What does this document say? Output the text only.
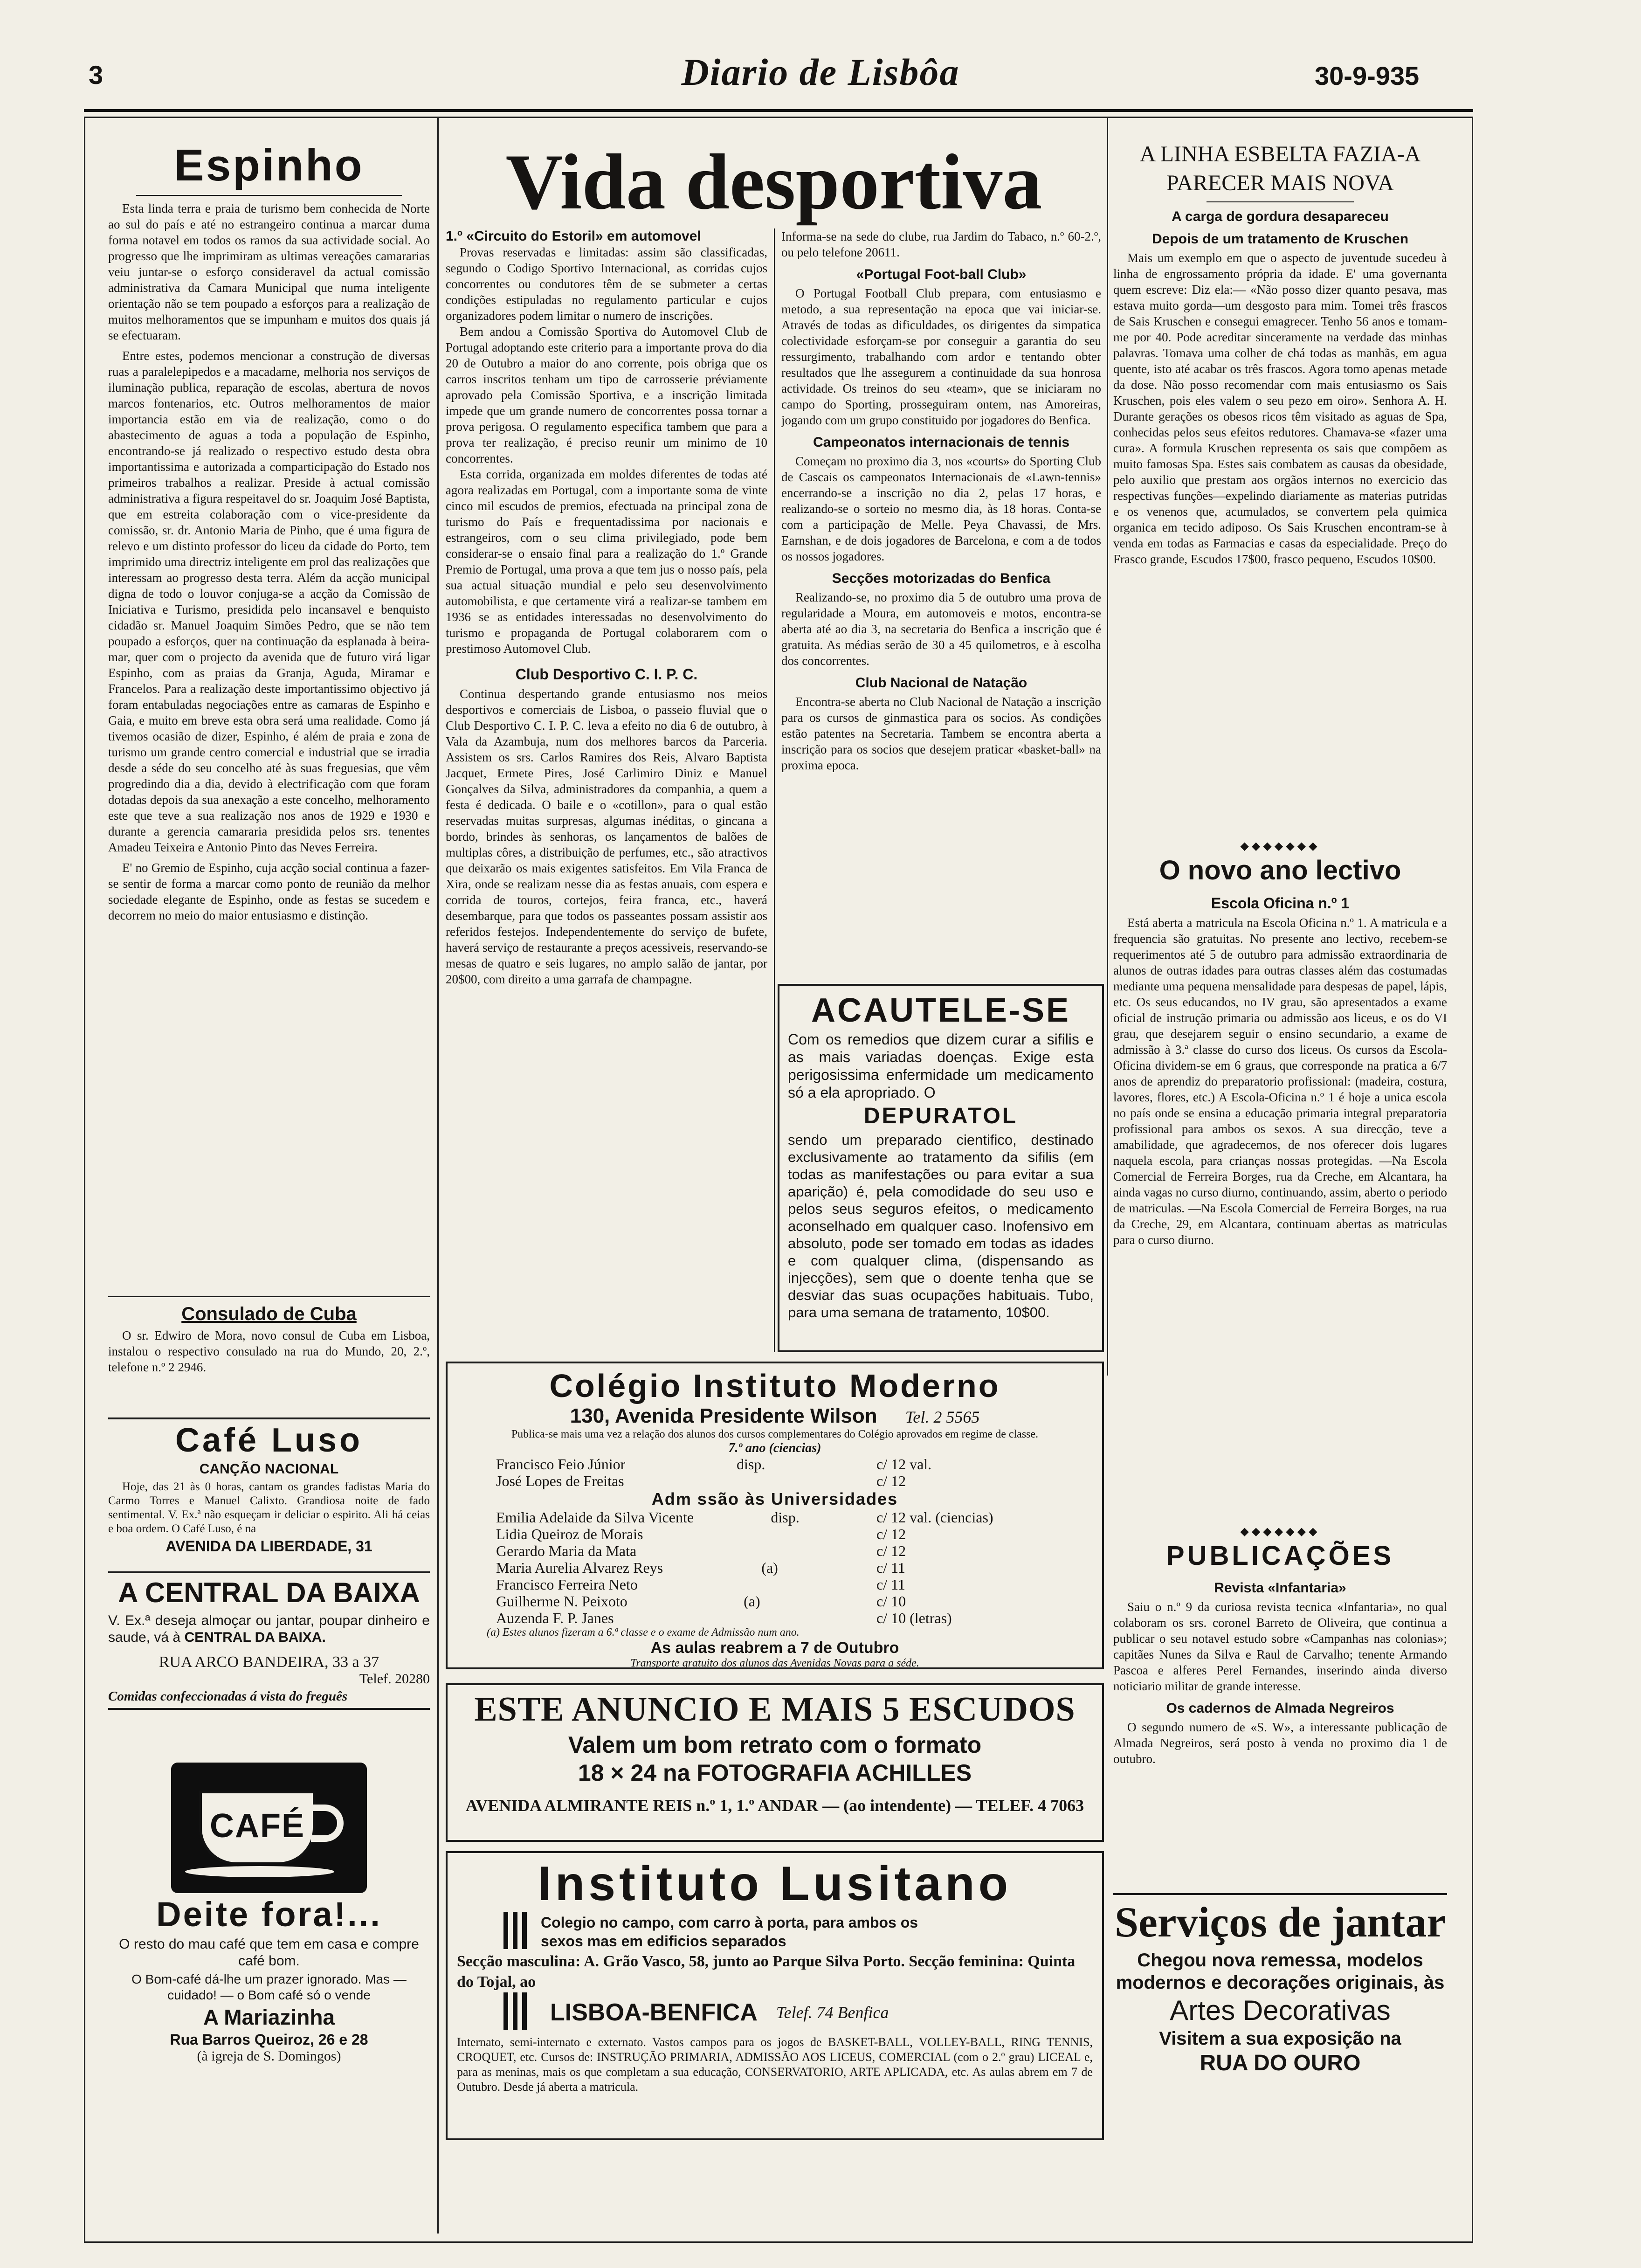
3	Diario de Lisbôa	30-9-935
Espinho

Esta linda terra e praia de turismo bem conhecida de Norte ao sul do país e até no estrangeiro continua a marcar duma forma notavel em todos os ramos da sua actividade social. Ao progresso que lhe imprimiram as ultimas vereações camararias veiu juntar-se o esforço consideravel da actual comissão administrativa da Camara Municipal que numa inteligente orientação não se tem poupado a esforços para a realização de muitos melhoramentos que se impunham e muitos dos quais já se efectuaram.

Entre estes, podemos mencionar a construção de diversas ruas a paralelepipedos e a macadame, melhoria nos serviços de iluminação publica, reparação de escolas, abertura de novos marcos fontenarios, etc. Outros melhoramentos de maior importancia estão em via de realização, como o do abastecimento de aguas a toda a população de Espinho, encontrando-se já realizado o respectivo estudo desta obra importantissima e autorizada a comparticipação do Estado nos primeiros trabalhos a realizar. Preside à actual comissão administrativa a figura respeitavel do sr. Joaquim José Baptista, que em estreita colaboração com o vice-presidente da comissão, sr. dr. Antonio Maria de Pinho, que é uma figura de relevo e um distinto professor do liceu da cidade do Porto, tem imprimido uma directriz inteligente em prol das realizações que interessam ao progresso desta terra. Além da acção municipal digna de todo o louvor conjuga-se a acção da Comissão de Iniciativa e Turismo, presidida pelo incansavel e benquisto cidadão sr. Manuel Joaquim Simões Pedro, que se não tem poupado a esforços, quer na continuação da esplanada à beira-mar, quer com o projecto da avenida que de futuro virá ligar Espinho, com as praias da Granja, Aguda, Miramar e Francelos. Para a realização deste importantissimo objectivo já foram entabuladas negociações entre as camaras de Espinho e Gaia, e muito em breve esta obra será uma realidade. Como já tivemos ocasião de dizer, Espinho, é além de praia e zona de turismo um grande centro comercial e industrial que se irradia desde a séde do seu concelho até às suas freguesias, que vêm progredindo dia a dia, devido à electrificação com que foram dotadas depois da sua anexação a este concelho, melhoramento este que teve a sua realização nos anos de 1929 e 1930 e durante a gerencia camararia presidida pelos srs. tenentes Amadeu Teixeira e Antonio Pinto das Neves Ferreira.

E' no Gremio de Espinho, cuja acção social continua a fazer-se sentir de forma a marcar como ponto de reunião da melhor sociedade elegante de Espinho, onde as festas se sucedem e decorrem no meio do maior entusiasmo e distinção.

Consulado de Cuba

O sr. Edwiro de Mora, novo consul de Cuba em Lisboa, instalou o respectivo consulado na rua do Mundo, 20, 2.º, telefone n.º 2 2946.

Café Luso
CANÇÃO NACIONAL

Hoje, das 21 às 0 horas, cantam os grandes fadistas Maria do Carmo Torres e Manuel Calixto. Grandiosa noite de fado sentimental. V. Ex.ª não esqueçam ir deliciar o espirito. Ali há ceias e boa ordem. O Café Luso, é na

AVENIDA DA LIBERDADE, 31
A CENTRAL DA BAIXA

V. Ex.ª deseja almoçar ou jantar, poupar dinheiro e saude, vá à CENTRAL DA BAIXA.

RUA ARCO BANDEIRA, 33 a 37
Telef. 20280
Comidas confeccionadas á vista do freguês
CAFÉ
Deite fora!...

O resto do mau café que tem em casa e compre café bom.

O Bom-café dá-lhe um prazer ignorado. Mas — cuidado! — o Bom café só o vende

A Mariazinha
Rua Barros Queiroz, 26 e 28
(à igreja de S. Domingos)
Vida desportiva
1.º «Circuito do Estoril» em automovel

Provas reservadas e limitadas: assim são classificadas, segundo o Codigo Sportivo Internacional, as corridas cujos concorrentes ou condutores têm de se submeter a certas condições estipuladas no regulamento particular e cujos organizadores podem limitar o numero de inscrições.

Bem andou a Comissão Sportiva do Automovel Club de Portugal adoptando este criterio para a importante prova do dia 20 de Outubro a maior do ano corrente, pois obriga que os carros inscritos tenham um tipo de carrosserie préviamente aprovado pela Comissão Sportiva, e a inscrição limitada impede que um grande numero de concorrentes possa tornar a prova perigosa. O regulamento especifica tambem que para a prova ter realização, é preciso reunir um minimo de 10 concorrentes.

Esta corrida, organizada em moldes diferentes de todas até agora realizadas em Portugal, com a importante soma de vinte cinco mil escudos de premios, efectuada na principal zona de turismo do País e frequentadissima por nacionais e estrangeiros, com o seu clima privilegiado, pode bem considerar-se o ensaio final para a realização do 1.º Grande Premio de Portugal, uma prova a que tem jus o nosso país, pela sua actual situação mundial e pelo seu desenvolvimento automobilista, e que certamente virá a realizar-se tambem em 1936 se as entidades interessadas no desenvolvimento do turismo e propaganda de Portugal colaborarem com o prestimoso Automovel Club.

Club Desportivo C. I. P. C.

Continua despertando grande entusiasmo nos meios desportivos e comerciais de Lisboa, o passeio fluvial que o Club Desportivo C. I. P. C. leva a efeito no dia 6 de outubro, à Vala da Azambuja, num dos melhores barcos da Parceria. Assistem os srs. Carlos Ramires dos Reis, Alvaro Baptista Jacquet, Ermete Pires, José Carlimiro Diniz e Manuel Gonçalves da Silva, administradores da companhia, a quem a festa é dedicada. O baile e o «cotillon», para o qual estão reservadas muitas surpresas, algumas inéditas, o gincana a bordo, brindes às senhoras, os lançamentos de balões de multiplas côres, a distribuição de perfumes, etc., são atractivos que deixarão os mais exigentes satisfeitos. Em Vila Franca de Xira, onde se realizam nesse dia as festas anuais, com espera e corrida de touros, cortejos, feira franca, etc., haverá desembarque, para que todos os passeantes possam assistir aos referidos festejos. Independentemente do serviço de bufete, haverá serviço de restaurante a preços acessiveis, reservando-se mesas de quatro e seis lugares, no amplo salão de jantar, por 20$00, com direito a uma garrafa de champagne.

Informa-se na sede do clube, rua Jardim do Tabaco, n.º 60-2.º, ou pelo telefone 20611.

«Portugal Foot-ball Club»

O Portugal Football Club prepara, com entusiasmo e metodo, a sua representação na epoca que vai iniciar-se. Através de todas as dificuldades, os dirigentes da simpatica colectividade esforçam-se por conseguir a garantia do seu ressurgimento, trabalhando com ardor e tentando obter resultados que lhe assegurem a continuidade da sua honrosa actividade. Os treinos do seu «team», que se iniciaram no campo do Sporting, prosseguiram ontem, nas Amoreiras, jogando com um grupo constituido por jogadores do Benfica.

Campeonatos internacionais de tennis

Começam no proximo dia 3, nos «courts» do Sporting Club de Cascais os campeonatos Internacionais de «Lawn-tennis» encerrando-se a inscrição no dia 2, pelas 17 horas, e realizando-se o sorteio no mesmo dia, às 18 horas. Conta-se com a participação de Melle. Peya Chavassi, de Mrs. Earnshan, e de dois jogadores de Barcelona, e com a de todos os nossos jogadores.

Secções motorizadas do Benfica

Realizando-se, no proximo dia 5 de outubro uma prova de regularidade a Moura, em automoveis e motos, encontra-se aberta até ao dia 3, na secretaria do Benfica a inscrição que é gratuita. As médias serão de 30 a 45 quilometros, e à escolha dos concorrentes.

Club Nacional de Natação

Encontra-se aberta no Club Nacional de Natação a inscrição para os cursos de ginmastica para os socios. As condições estão patentes na Secretaria. Tambem se encontra aberta a inscrição para os socios que desejem praticar «basket-ball» na proxima epoca.

ACAUTELE-SE

Com os remedios que dizem curar a sifilis e as mais variadas doenças. Exige esta perigosissima enfermidade um medicamento só a ela apropriado. O

DEPURATOL

sendo um preparado cientifico, destinado exclusivamente ao tratamento da sifilis (em todas as manifestações ou para evitar a sua aparição) é, pela comodidade do seu uso e pelos seus seguros efeitos, o medicamento aconselhado em qualquer caso. Inofensivo em absoluto, pode ser tomado em todas as idades e com qualquer clima, (dispensando as injecções), sem que o doente tenha que se desviar das suas ocupações habituais. Tubo, para uma semana de tratamento, 10$00.

A LINHA ESBELTA FAZIA-A PARECER MAIS NOVA
A carga de gordura desapareceu
Depois de um tratamento de Kruschen

Mais um exemplo em que o aspecto de juventude sucedeu à linha de engrossamento própria da idade. E' uma governanta quem escreve: Diz ela:— «Não posso dizer quanto pesava, mas estava muito gorda—um desgosto para mim. Tomei três frascos de Sais Kruschen e consegui emagrecer. Tenho 56 anos e tomam-me por 40. Pode acreditar sinceramente na verdade das minhas palavras. Tomava uma colher de chá todas as manhãs, em agua quente, isto até acabar os três frascos. Agora tomo apenas metade da dose. Não posso recomendar com mais entusiasmo os Sais Kruschen, pois eles valem o seu pezo em oiro». Senhora A. H. Durante gerações os obesos ricos têm visitado as aguas de Spa, conhecidas pelos seus efeitos redutores. Chamava-se «fazer uma cura». A formula Kruschen representa os sais que compõem as muito famosas Spa. Estes sais combatem as causas da obesidade, pelo auxilio que prestam aos orgãos internos no exercicio das respectivas funções—expelindo diariamente as materias putridas e os venenos que, acumulados, se convertem pela quimica organica em tecido adiposo. Os Sais Kruschen encontram-se à venda em todas as Farmacias e casas da especialidade. Preço do Frasco grande, Escudos 17$00, frasco pequeno, Escudos 10$00.

◆◆◆◆◆◆◆
O novo ano lectivo
Escola Oficina n.º 1

Está aberta a matricula na Escola Oficina n.º 1. A matricula e a frequencia são gratuitas. No presente ano lectivo, recebem-se requerimentos até 5 de outubro para admissão extraordinaria de alunos de outras idades para outras classes além das costumadas mediante uma pequena mensalidade para despesas de papel, lápis, etc. Os seus educandos, no IV grau, são apresentados a exame oficial de instrução primaria ou admissão aos liceus, e os do VI grau, que desejarem seguir o ensino secundario, a exame de admissão à 3.ª classe do curso dos liceus. Os cursos da Escola-Oficina dividem-se em 6 graus, que corresponde na pratica a 6/7 anos de aprendiz do preparatorio profissional: (madeira, costura, lavores, flores, etc.) A Escola-Oficina n.º 1 é hoje a unica escola no país onde se ensina a educação primaria integral preparatoria profissional para ambos os sexos. A sua direcção, teve a amabilidade, que agradecemos, de nos oferecer dois lugares naquela escola, para crianças nossas protegidas. —Na Escola Comercial de Ferreira Borges, rua da Creche, em Alcantara, ha ainda vagas no curso diurno, continuando, assim, aberto o periodo de matriculas. —Na Escola Comercial de Ferreira Borges, na rua da Creche, 29, em Alcantara, continuam abertas as matriculas para o curso diurno.

◆◆◆◆◆◆◆
PUBLICAÇÕES
Revista «Infantaria»

Saiu o n.º 9 da curiosa revista tecnica «Infantaria», no qual colaboram os srs. coronel Barreto de Oliveira, que continua a publicar o seu notavel estudo sobre «Campanhas nas colonias»; capitães Nunes da Silva e Raul de Carvalho; tenente Armando Pascoa e alferes Perel Fernandes, inserindo ainda diverso noticiario militar de grande interesse.

Os cadernos de Almada Negreiros

O segundo numero de «S. W», a interessante publicação de Almada Negreiros, será posto à venda no proximo dia 1 de outubro.

Serviços de jantar

Chegou nova remessa, modelos modernos e decorações originais, às

Artes Decorativas
Visitem a sua exposição na
RUA DO OURO
Colégio Instituto Moderno
130, Avenida Presidente Wilson Tel. 2 5565

Publica-se mais uma vez a relação dos alunos dos cursos complementares do Colégio aprovados em regime de classe.

7.º ano (ciencias)
Francisco Feio Júnior	disp.	c/ 12 val.
José Lopes de Freitas	c/ 12
Adm ssão às Universidades
Emilia Adelaide da Silva Vicente	disp.	c/ 12 val. (ciencias)
Lidia Queiroz de Morais	c/ 12
Gerardo Maria da Mata	c/ 12
Maria Aurelia Alvarez Reys	(a)	c/ 11
Francisco Ferreira Neto	c/ 11
Guilherme N. Peixoto	(a)	c/ 10
Auzenda F. P. Janes	c/ 10 (letras)
(a) Estes alunos fizeram a 6.ª classe e o exame de Admissão num ano.
As aulas reabrem a 7 de Outubro
Transporte gratuito dos alunos das Avenidas Novas para a séde.
ESTE ANUNCIO E MAIS 5 ESCUDOS
Valem um bom retrato com o formato
18 × 24 na FOTOGRAFIA ACHILLES
AVENIDA ALMIRANTE REIS n.º 1, 1.º ANDAR — (ao intendente) — TELEF. 4 7063
Instituto Lusitano
Colegio no campo, com carro à porta, para ambos os sexos mas em edificios separados
Secção masculina: A. Grão Vasco, 58, junto ao Parque Silva Porto. Secção feminina: Quinta do Tojal, ao
LISBOA-BENFICA Telef. 74 Benfica

Internato, semi-internato e externato. Vastos campos para os jogos de BASKET-BALL, VOLLEY-BALL, RING TENNIS, CROQUET, etc. Cursos de: INSTRUÇÃO PRIMARIA, ADMISSÃO AOS LICEUS, COMERCIAL (com o 2.º grau) LICEAL e, para as meninas, mais os que completam a sua educação, CONSERVATORIO, ARTE APLICADA, etc. As aulas abrem em 7 de Outubro. Desde já aberta a matricula.
